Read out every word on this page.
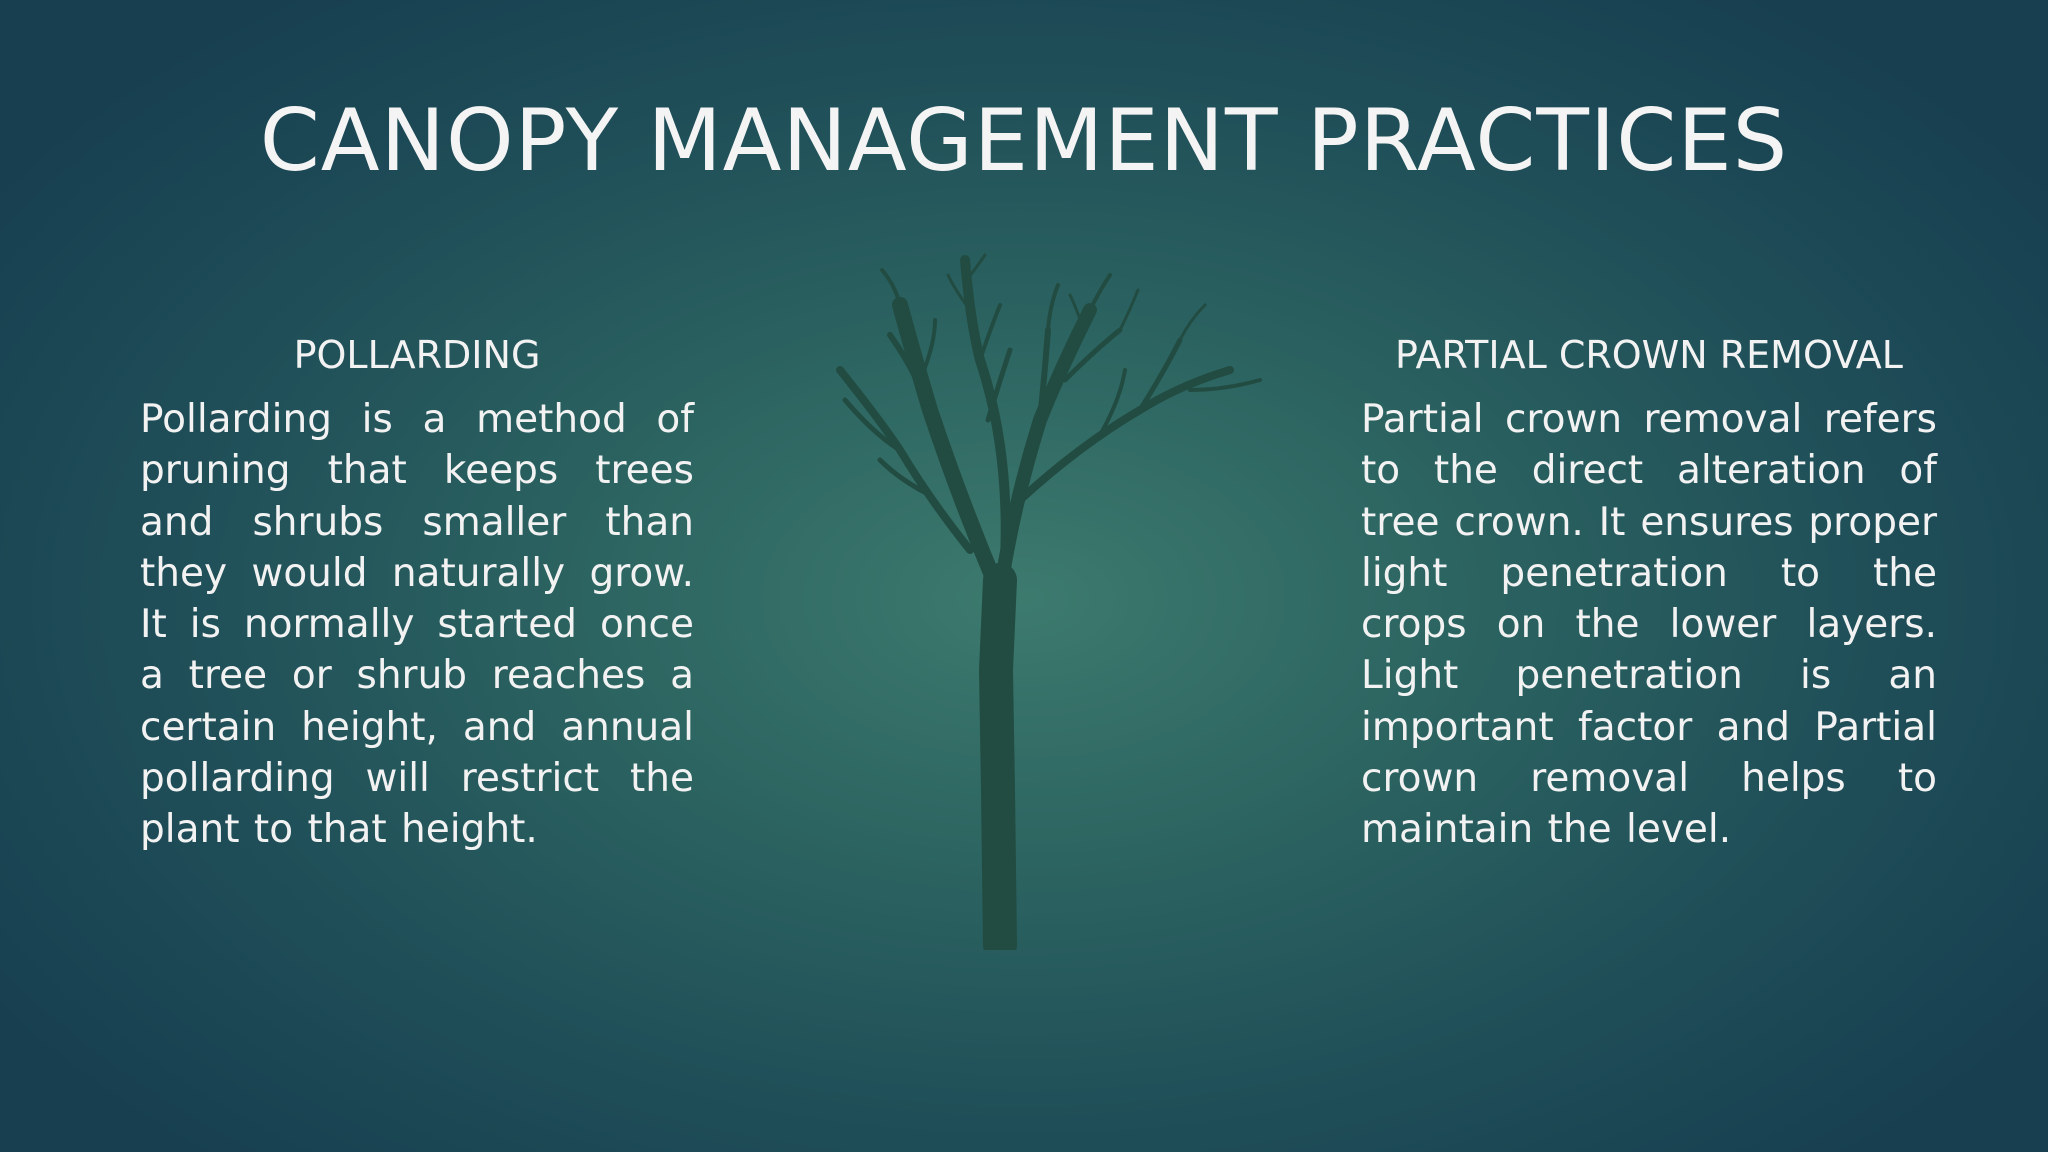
CANOPY MANAGEMENT PRACTICES
POLLARDING

Pollarding is a method of pruning that keeps trees and shrubs smaller than they would naturally grow. It is normally started once a tree or shrub reaches a certain height, and annual pollarding will restrict the plant to that height.

PARTIAL CROWN REMOVAL

Partial crown removal refers to the direct alteration of tree crown. It ensures proper light penetration to the crops on the lower layers. Light penetration is an important factor and Partial crown removal helps to maintain the level.
